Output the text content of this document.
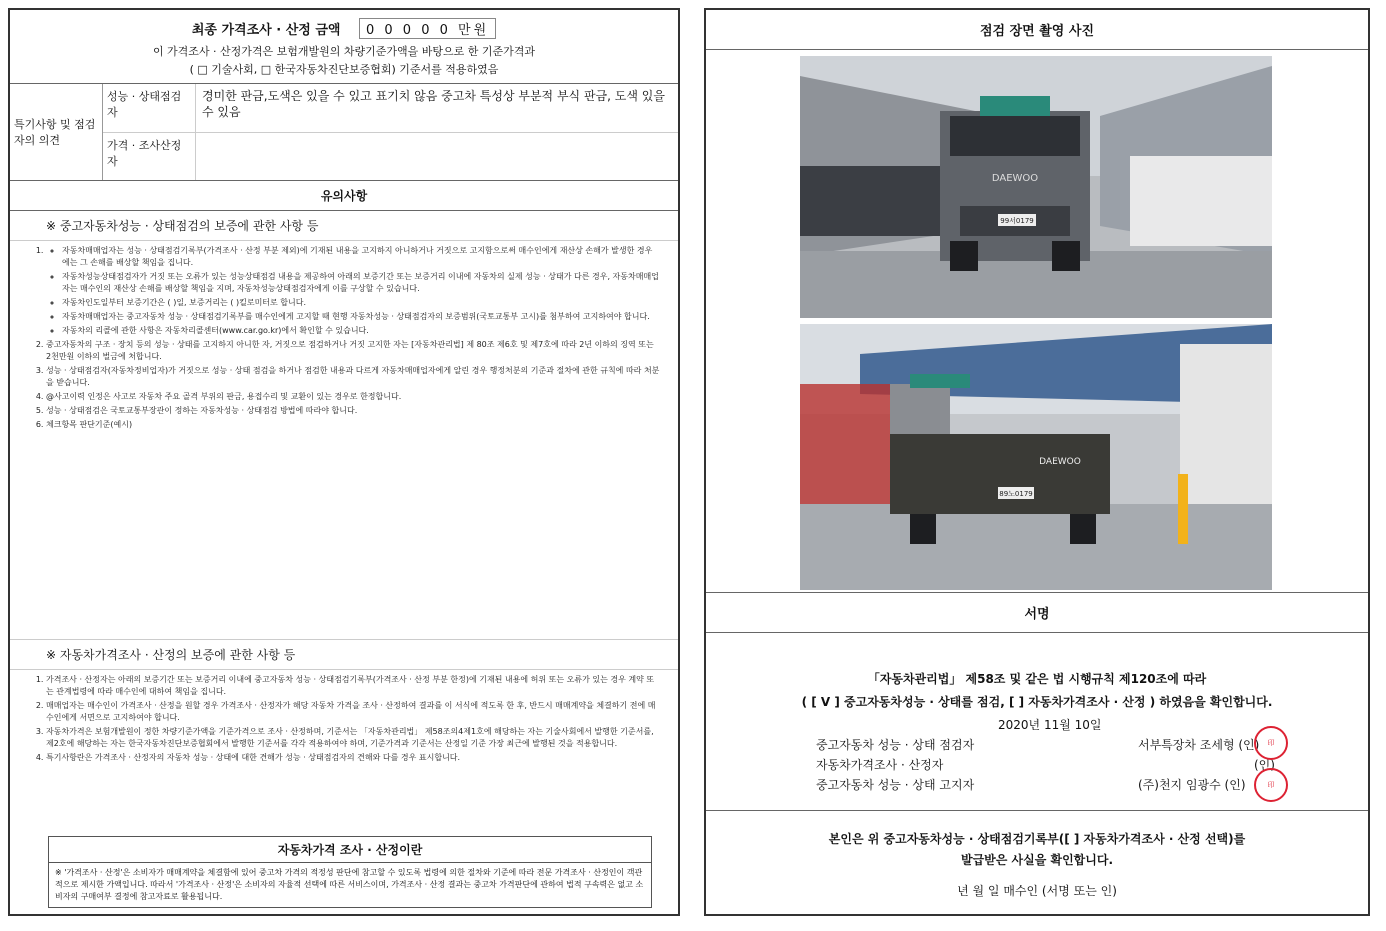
최종 가격조사 · 산정 금액 0 0 0 0 0 만원
이 가격조사 · 산정가격은 보험개발원의 차량기준가액을 바탕으로 한 기준가격과
( □ 기술사회, □ 한국자동차진단보증협회) 기준서를 적용하였음
특기사항 및 점검자의 의견
성능 · 상태점검자
경미한 판금,도색은 있을 수 있고 표기치 않음 중고차 특성상 부분적 부식 판금, 도색 있을 수 있음
가격 · 조사산정자
유의사항
※ 중고자동차성능 · 상태점검의 보증에 관한 사항 등
◦ 1. 자동차매매업자는 성능 · 상태점검기록부(가격조사 · 산정 부분 제외)에 기재된 내용을 고지하지 아니하거나 거짓으로 고지함으로써 매수인에게 재산상 손해가 발생한 경우에는 그 손해를 배상할 책임을 집니다.
◦ 자동차성능상태점검자가 거짓 또는 오류가 있는 성능상태점검 내용을 제공하여 아래의 보증기간 또는 보증거리 이내에 자동차의 실제 성능 · 상태가 다른 경우, 자동차매매업자는 매수인의 재산상 손해를 배상할 책임을 지며, 자동차성능상태점검자에게 이를 구상할 수 있습니다.
◦ 자동차인도일부터 보증기간은 ( )일, 보증거리는 ( )킬로미터로 합니다.
◦ 자동차매매업자는 중고자동차 성능 · 상태점검기록부를 매수인에게 고지할 때 현행 자동차성능 · 상태점검자의 보증범위(국토교통부 고시)를 첨부하여 고지하여야 합니다.
◦ 자동차의 리콜에 관한 사항은 자동차리콜센터(www.car.go.kr)에서 확인할 수 있습니다.
2. 중고자동차의 구조 · 장치 등의 성능 · 상태를 고지하지 아니한 자, 거짓으로 점검하거나 거짓 고지한 자는 [자동차관리법] 제 80조 제6호 및 제7호에 따라 2년 이하의 징역 또는 2천만원 이하의 벌금에 처합니다.
3. 성능 · 상태점검자(자동차정비업자)가 거짓으로 성능 · 상태 점검을 하거나 점검한 내용과 다르게 자동차매매업자에게 알린 경우 행정처분의 기준과 절차에 관한 규칙에 따라 처분을 받습니다.
4. @사고이력 인정은 사고로 자동차 주요 골격 부위의 판금, 용접수리 및 교환이 있는 경우로 한정합니다.
5. 성능 · 상태점검은 국토교통부장관이 정하는 자동차성능 · 상태점검 방법에 따라야 합니다.
6. 체크항목 판단기준(예시)
※ 자동차가격조사 · 산정의 보증에 관한 사항 등
1. 가격조사 · 산정자는 아래의 보증기간 또는 보증거리 이내에 중고자동차 성능 · 상태점검기록부(가격조사 · 산정 부분 한정)에 기재된 내용에 허위 또는 오류가 있는 경우 계약 또는 관계법령에 따라 매수인에 대하여 책임을 집니다.
2. 매매업자는 매수인이 가격조사 · 산정을 원할 경우 가격조사 · 산정자가 해당 자동차 가격을 조사 · 산정하여 결과를 이 서식에 적도록 한 후, 반드시 매매계약을 체결하기 전에 매수인에게 서면으로 고지하여야 합니다.
3. 자동차가격은 보험개발원이 정한 차량기준가액을 기준가격으로 조사 · 산정하며, 기준서는 「자동차관리법」 제58조의4제1호에 해당하는 자는 기술사회에서 발행한 기준서를, 제2호에 해당하는 자는 한국자동차진단보증협회에서 발행한 기준서를 각각 적용하여야 하며, 기준가격과 기준서는 산정일 기준 가장 최근에 발행된 것을 적용합니다.
4. 특기사항란은 가격조사 · 산정자의 자동차 성능 · 상태에 대한 견해가 성능 · 상태점검자의 견해와 다를 경우 표시합니다.
자동차가격 조사 · 산정이란
※ '가격조사 · 산정'은 소비자가 매매계약을 체결함에 있어 중고차 가격의 적정성 판단에 참고할 수 있도록 법령에 의한 절차와 기준에 따라 전문 가격조사 · 산정인이 객관적으로 제시한 가액입니다. 따라서 '가격조사 · 산정'은 소비자의 자율적 선택에 따른 서비스이며, 가격조사 · 산정 결과는 중고차 가격판단에 관하여 법적 구속력은 없고 소비자의 구매여부 결정에 참고자료로 활용됩니다.
점검 장면 촬영 사진
DAEWOO
99서0179
DAEWOO
89노0179
서명
「자동차관리법」 제58조 및 같은 법 시행규칙 제120조에 따라
( [ V ] 중고자동차성능 · 상태를 점검, [ ] 자동차가격조사 · 산정 ) 하였음을 확인합니다.
2020년 11월 10일
중고자동차 성능 · 상태 점검자	서부특장차 조세형 (인)
자동차가격조사 · 산정자	(인)
중고자동차 성능 · 상태 고지자	(주)천지 임광수 (인)
印
印
본인은 위 중고자동차성능 · 상태점검기록부([ ] 자동차가격조사 · 산정 선택)를
발급받은 사실을 확인합니다.
년 월 일 매수인 (서명 또는 인)
